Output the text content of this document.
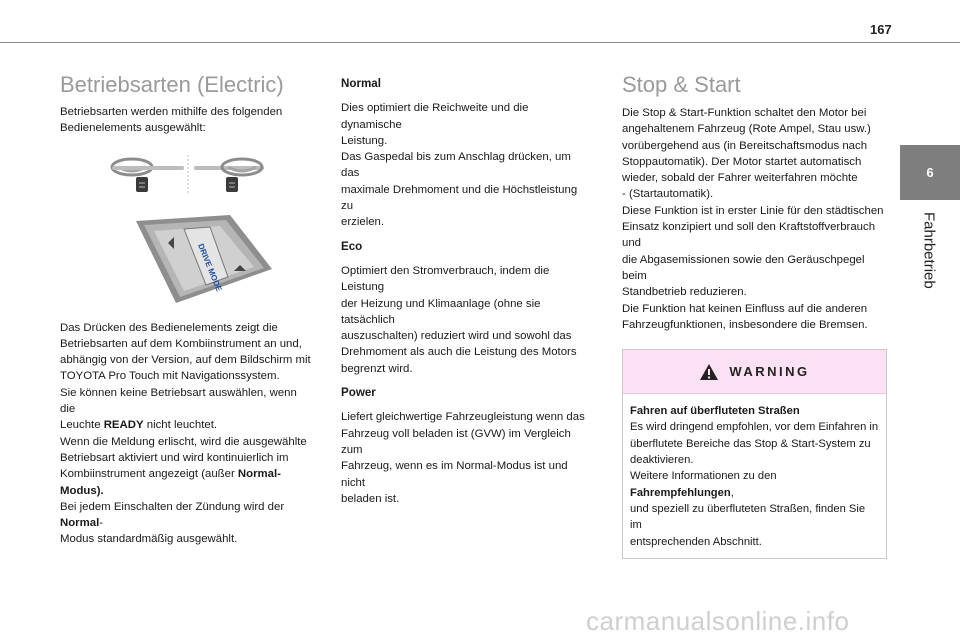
167
6
Fahrbetrieb
Betriebsarten (Electric)
Betriebsarten werden mithilfe des folgenden
Bedienelements ausgewählt:
DRIVE MODE
Das Drücken des Bedienelements zeigt die
Betriebsarten auf dem Kombiinstrument an und,
abhängig von der Version, auf dem Bildschirm mit
TOYOTA Pro Touch mit Navigationssystem.
Sie können keine Betriebsart auswählen, wenn die
Leuchte READY nicht leuchtet.
Wenn die Meldung erlischt, wird die ausgewählte
Betriebsart aktiviert und wird kontinuierlich im
Kombiinstrument angezeigt (außer Normal-Modus).
Bei jedem Einschalten der Zündung wird der Normal-
Modus standardmäßig ausgewählt.
Normal
Dies optimiert die Reichweite und die dynamische
Leistung.
Das Gaspedal bis zum Anschlag drücken, um das
maximale Drehmoment und die Höchstleistung zu
erzielen.
Eco
Optimiert den Stromverbrauch, indem die Leistung
der Heizung und Klimaanlage (ohne sie tatsächlich
auszuschalten) reduziert wird und sowohl das
Drehmoment als auch die Leistung des Motors
begrenzt wird.
Power
Liefert gleichwertige Fahrzeugleistung wenn das
Fahrzeug voll beladen ist (GVW) im Vergleich zum
Fahrzeug, wenn es im Normal-Modus ist und nicht
beladen ist.
Stop & Start
Die Stop & Start-Funktion schaltet den Motor bei
angehaltenem Fahrzeug (Rote Ampel, Stau usw.)
vorübergehend aus (in Bereitschaftsmodus nach
Stoppautomatik). Der Motor startet automatisch
wieder, sobald der Fahrer weiterfahren möchte
- (Startautomatik).
Diese Funktion ist in erster Linie für den städtischen
Einsatz konzipiert und soll den Kraftstoffverbrauch und
die Abgasemissionen sowie den Geräuschpegel beim
Standbetrieb reduzieren.
Die Funktion hat keinen Einfluss auf die anderen
Fahrzeugfunktionen, insbesondere die Bremsen.
WARNING
Fahren auf überfluteten Straßen
Es wird dringend empfohlen, vor dem Einfahren in
überflutete Bereiche das Stop & Start-System zu
deaktivieren.
Weitere Informationen zu den Fahrempfehlungen,
und speziell zu überfluteten Straßen, finden Sie im
entsprechenden Abschnitt.
carmanualsonline.info
